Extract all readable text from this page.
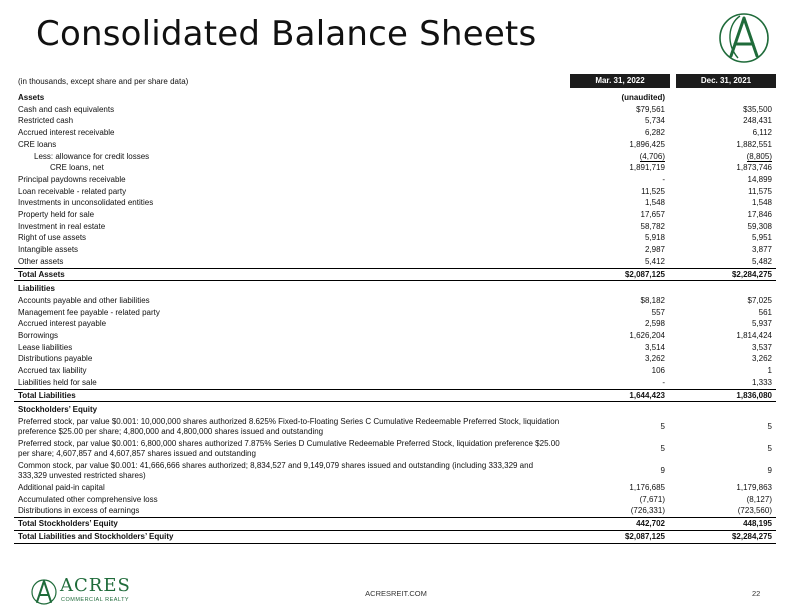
Consolidated Balance Sheets
(in thousands, except share and per share data)	Mar. 31, 2022	Dec. 31, 2021
Assets	(unaudited)		
Cash and cash equivalents	$79,561		$35,500
Restricted cash	5,734		248,431
Accrued interest receivable	6,282		6,112
CRE loans	1,896,425		1,882,551
Less: allowance for credit losses	(4,706)		(8,805)
CRE loans, net	1,891,719		1,873,746
Principal paydowns receivable	-		14,899
Loan receivable - related party	11,525		11,575
Investments in unconsolidated entities	1,548		1,548
Property held for sale	17,657		17,846
Investment in real estate	58,782		59,308
Right of use assets	5,918		5,951
Intangible assets	2,987		3,877
Other assets	5,412		5,482
Total Assets	$2,087,125		$2,284,275
Liabilities			
Accounts payable and other liabilities	$8,182		$7,025
Management fee payable - related party	557		561
Accrued interest payable	2,598		5,937
Borrowings	1,626,204		1,814,424
Lease liabilities	3,514		3,537
Distributions payable	3,262		3,262
Accrued tax liability	106		1
Liabilities held for sale	-		1,333
Total Liabilities	1,644,423		1,836,080
Stockholders’ Equity			
Preferred stock, par value $0.001: 10,000,000 shares authorized 8.625% Fixed-to-Floating Series C Cumulative Redeemable Preferred Stock, liquidation preference $25.00 per share; 4,800,000 and 4,800,000 shares issued and outstanding	5		5
Preferred stock, par value $0.001: 6,800,000 shares authorized 7.875% Series D Cumulative Redeemable Preferred Stock, liquidation preference $25.00 per share; 4,607,857 and 4,607,857 shares issued and outstanding	5		5
Common stock, par value $0.001: 41,666,666 shares authorized; 8,834,527 and 9,149,079 shares issued and outstanding (including 333,329 and 333,329 unvested restricted shares)	9		9
Additional paid-in capital	1,176,685		1,179,863
Accumulated other comprehensive loss	(7,671)		(8,127)
Distributions in excess of earnings	(726,331)		(723,560)
Total Stockholders’ Equity	442,702		448,195
Total Liabilities and Stockholders’ Equity	$2,087,125		$2,284,275
ACRES
COMMERCIAL REALTY
ACRESREIT.COM	22
